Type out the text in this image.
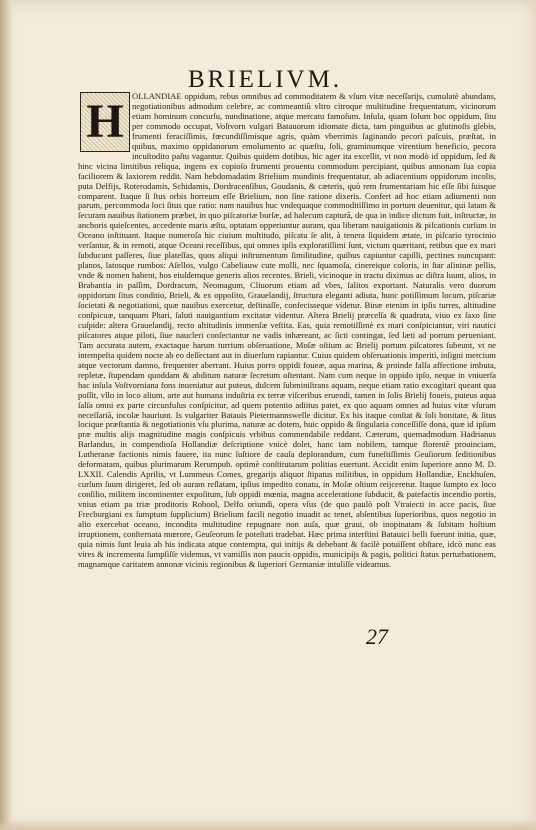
BRIELIVM.
OLLANDIAE oppidum, rebus omnibus ad commoditatem & vſum vitæ neceſſarijs, cumulatè abundans, negotiationibus admodum celebre, ac commeantiũ vltro citroque multitudine frequentatum, vicinorum etiam hominum concurſu, nundinatione, atque mercatu famoſum. Inſula, quam ſolum hoc oppidum, ſitu per commodo occupat, Voſtvorn vulgari Batauorum idiomate dicta, tam pinguibus ac glutinoſis glebis, frumenti feraciſſimis, fœcundiſſimisque agris, quàm vberrimis ſaginando pecori paſcuis, præſtat, in quibus, maximo oppidanorum emolumento ac quæſtu, ſoli, graminumque virentium beneficio, pecora incuſtodito paſtu vagantur. Quibus quidem dotibus, hic ager ita excellit, vt non modò id oppidum, ſed & hinc vicina limitibus reliqua, ingens ex copioſo frumenti prouentu commodum percipiant, quibus annonam ſua copia faciliorem & laxiorem reddit. Nam hebdomadatim Brielium mundinis frequentatur, ab adiacentium oppidorum incolis, puta Delfijs, Roterodamis, Schidamis, Dordracenſibus, Goudanis, & cæteris, quò rem frumentariam hic eſſe ſibi ſuisque comparent. Itaque ſi ſtus orbis horreum eſſe Brielium, non ſine ratione dixeris. Confert ad hoc etiam adiumenti non parum, percommoda loci ſitus que ratio: nam nauibus huc vndequaque commoditiſſimo in portum deuenitur, qui latam & ſecuram nauibus ſtationem præbet, in quo piſcatoriæ burſæ, ad halecum capturã, de qua in indice dictum fuit, inſtructæ, in anchoris quieſcentes, accedente maris æſtu, optatam opperiuntur auram, qua liberam nauigationis & piſcationis curſum in Oceano inſtituant. Itaque numeroſa hic ciuium multitudo, piſcatu ſe alit, à tenera ſiquidem ætate, in piſcario tyrocinio verſantur, & in remoti, atque Oceani receſſibus, qui omnes ipſis exploratiſſimi ſunt, victum quæritant, retibus que ex mari ſubducunt paſſeres, ſiue plateſſas, quos aliqui inſtrumentum ſimilitudine, quibus capiuntur capilli, pectines nuncupant: planos, latosque rumbos: Aſellos, vulgo Cabeliauw cute molli, nec ſquamoſa, cinereique coloris, in ſtar aſininæ pellis, vnde & nomen habent, hos eiuſdemque generis alios recentes. Brieli, vicinoque in tractu diximus ac diſtra luunt, alios, in Brabantia in paſſim, Dordracum, Neomagum, Cliuorum etiam ad vbes, ſalitos exportant. Naturalis vero duorum oppidorum ſitus conditio, Brieli, & ex oppoſito, Grauelandij, ſtructura eleganti adiuta, hunc potiſſimum locum, piſcariæ ſocietati & negotiationi, quæ nauibus exercetur, deſtinaſſe, confecisseque videtur. Binæ etenim in ipſis turres, altitudine conſpicuæ, tanquam Phari, ſaluti nauigantium excitatæ videntur. Altera Brielij præcelſa & quadrata, viuo ex ſaxo ſine cuſpide: altera Grauelandij, recto altitudinis immenſæ veſtita. Eas, quia remotiſſimè ex mari conſpiciantur, viri nautici piſcatores atque piloti, ſiue naucleri conſectantur ne vadis inhæreant, ac ſicti contingat, ſed læti ad portum perueniant. Tam accurata autem, exactaque harum turrium obſeruatione, Moſæ oſtium ac Brielij portum piſcatores ſubeunt, vt ne intempeſta quidem nocte ab eo deſſectant aut in diuerſum rapiantur. Cuius quidem obſeruationis imperiti, inſigni mercium atque vectorum damno, frequenter aberrant. Huius porro oppidi foueæ, aqua marina, & proinde falſa affectione imbuta, repletæ, ſtupendam quoddam & abditum naturæ ſecretum oſtentant. Nam cum neque in oppido ipſo, neque in vniuerſa hac inſula Voſtvorniana fons inueniatur aut puteus, dulcem ſubminiſtrans aquam, neque etiam ratio excogitari queant qua poſſit, vllo in loco alium, arte aut humana induſtria ex terræ viſceribus eruendi, tamen in ſolis Brielij foueis, puteus aqua ſalſa omni ex parte circunfuſus conſpicitur, ad quem potentio adiitus patet, ex quo aquam omnes ad huius vitæ vſuram neceſſariã, incolæ hauriunt. Is vulgariter Batauis Pietermannswelle dicitur. Ex his itaque conſtat & ſoli bonitate, & ſitus locique præſtantia & negotiationis vſu plurima, naturæ ac dotem, huic oppido & ſingularia conceſſiſſe dona, quæ id ipſum præ multis alijs magnitudine magis conſpicuis vrbibus commendabile reddant. Cæterum, quemadmodum Hadrianus Barlandus, in compendioſa Hollandiæ deſcriptione vnicè dolet, hanc tam nobilem, tamque florentẽ prouinciam, Lutheranæ factionis nimis fauere, ita nunc ſuſtiore de cauſa deplorandum, cum funeſtiſſimis Geuſiorum ſeditionibus deformatam, quibus plurimarum Rerumpub. optimè conſtitutarum politias euertunt. Accidit enim ſuperiore anno M. D. LXXII. Calendis Aprilis, vt Lummeus Comes, gregarijs aliquot ſtipatus militibus, in oppidum Hollandiæ, Enckhuſen, curſum ſuum dirigeret, ſed ob auram reſlatam, ipſius impedito conatu, in Moſæ oſtium reijceretur. Itaque ſumpto ex loco conſilio, militem incontinenter expoſitum, ſub oppidi mœnia, magna acceleratione ſubducit, & patefactis incendio portis, vnius etiam pa triæ proditoris Robool, Delfo oriundi, opera vſus (de quo paulò poſt Vtraiecti in acce pacis, ſiue Frecburgiani ex ſumptum ſupplicium) Brielium facili negotio inuadit ac tenet, abſentibus ſuperioribus, quos negotio in alio exercebat oceano, incondita multitudine repugnare non auſa, quæ graui, ob inopinatam & ſubitam hoſtium irruptionem, conſternata mœrore, Geuſeorum ſe poteſtati tradebat. Hæc prima interſtini Batauici belli fuerunt initia, quæ, quia nimis ſunt leuia ab his indicata atque contempta, qui initijs & debebant & facilè potuiſſent obſtare, idcò nunc eas vires & incrementa ſumpſiſſe videmus, vt vamiſſis non paucis oppidis, municipijs & pagis, politici ſtatus perturbationem, magnamque caritatem annonæ vicinis regionibus & ſuperiori Germaniæ intuliſſe videamus.
H
27
